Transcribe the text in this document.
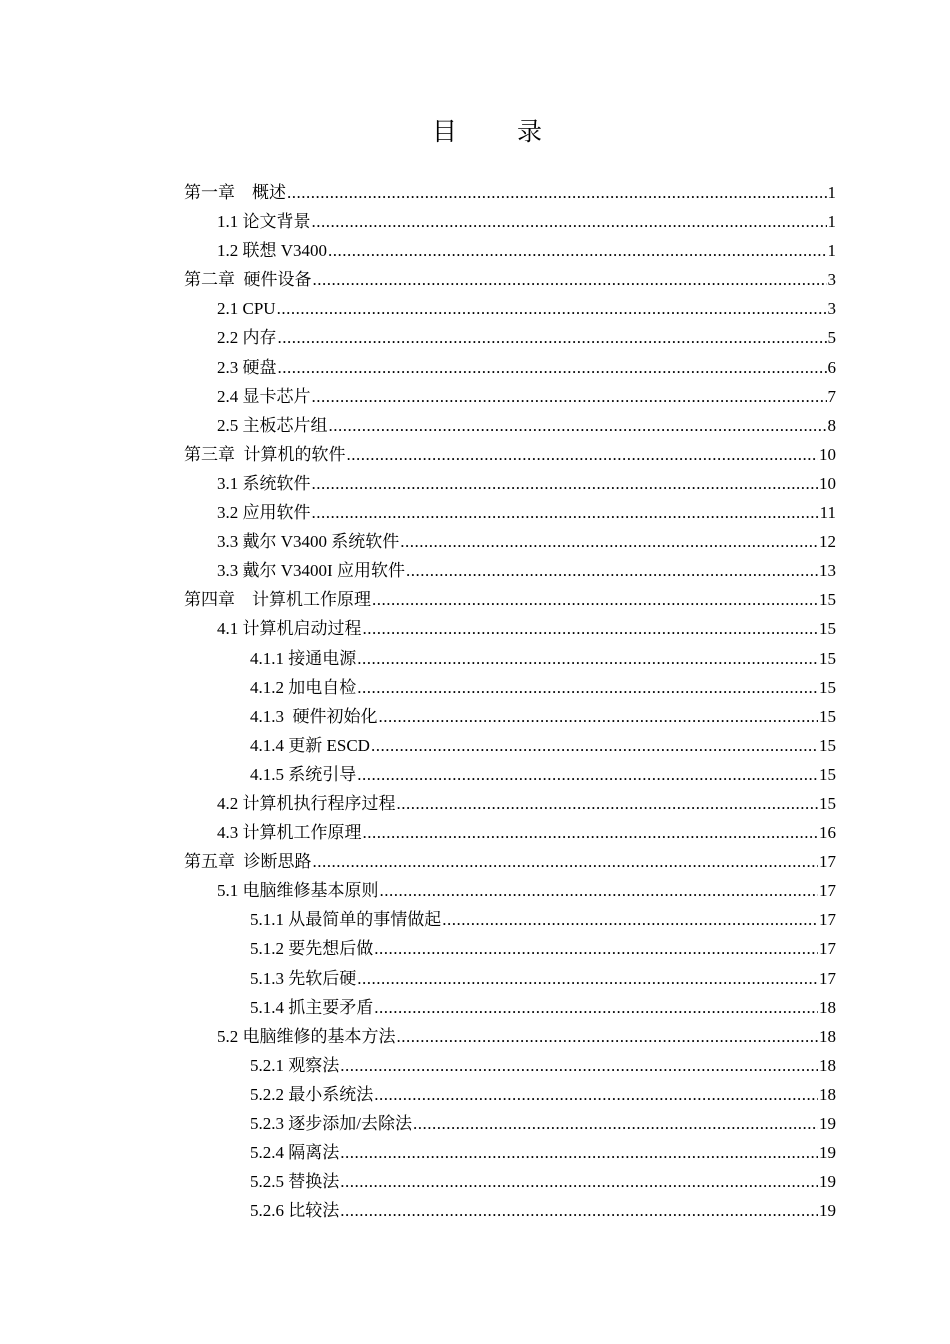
目 录
第一章    概述 .....	1
1.1 论文背景 .....	1
1.2 联想 V3400 .....	1
第二章  硬件设备 .....	3
2.1 CPU .....	3
2.2 内存 .....	5
2.3 硬盘 .....	6
2.4 显卡芯片 .....	7
2.5 主板芯片组 .....	8
第三章  计算机的软件 .....	10
3.1 系统软件 .....	10
3.2 应用软件 .....	11
3.3 戴尔 V3400 系统软件 .....	12
3.3 戴尔 V3400I 应用软件 .....	13
第四章    计算机工作原理 .....	15
4.1 计算机启动过程 .....	15
4.1.1 接通电源 .....	15
4.1.2 加电自检 .....	15
4.1.3  硬件初始化 .....	15
4.1.4 更新 ESCD .....	15
4.1.5 系统引导 .....	15
4.2 计算机执行程序过程 .....	15
4.3 计算机工作原理 .....	16
第五章  诊断思路 .....	17
5.1 电脑维修基本原则 .....	17
5.1.1 从最简单的事情做起 .....	17
5.1.2 要先想后做 .....	17
5.1.3 先软后硬 .....	17
5.1.4 抓主要矛盾 .....	18
5.2 电脑维修的基本方法 .....	18
5.2.1 观察法 .....	18
5.2.2 最小系统法 .....	18
5.2.3 逐步添加/去除法 .....	19
5.2.4 隔离法 .....	19
5.2.5 替换法 .....	19
5.2.6 比较法 .....	19
